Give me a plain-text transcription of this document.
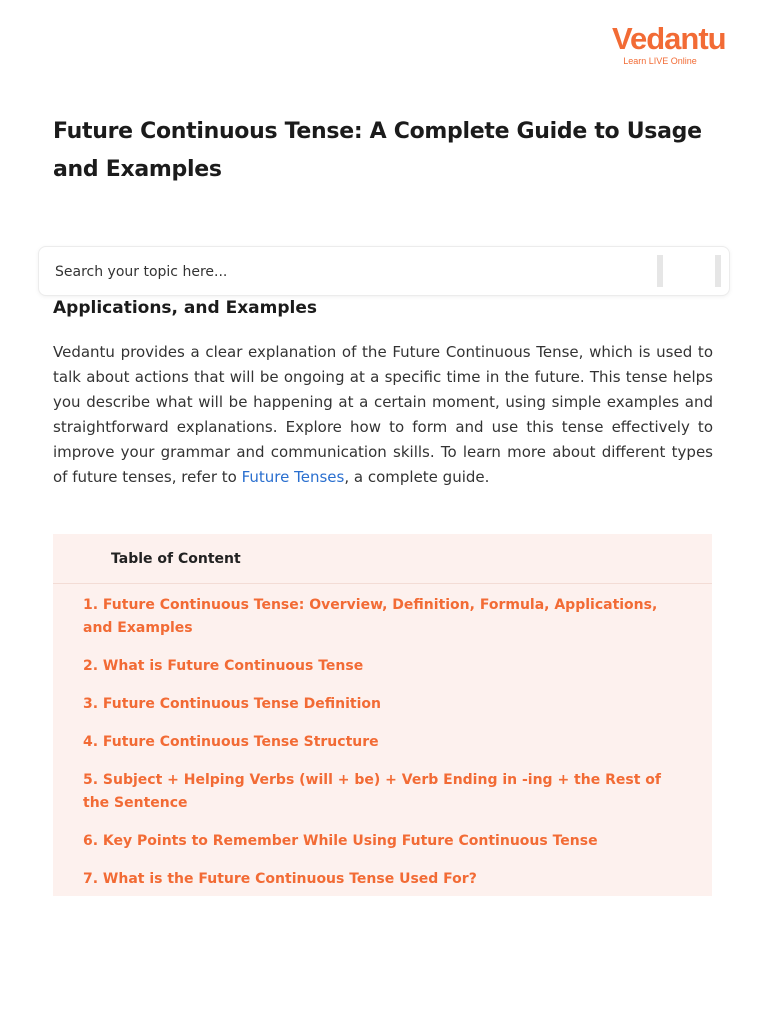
Vedantu
Learn LIVE Online
Future Continuous Tense: A Complete Guide to Usage and Examples
Search your topic here...
Applications, and Examples

Vedantu provides a clear explanation of the Future Continuous Tense, which is used to talk about actions that will be ongoing at a specific time in the future. This tense helps you describe what will be happening at a certain moment, using simple examples and straightforward explanations. Explore how to form and use this tense effectively to improve your grammar and communication skills. To learn more about different types of future tenses, refer to Future Tenses, a complete guide.

Table of Content
1. Future Continuous Tense: Overview, Definition, Formula, Applications, and Examples
2. What is Future Continuous Tense
3. Future Continuous Tense Definition
4. Future Continuous Tense Structure
5. Subject + Helping Verbs (will + be) + Verb Ending in -ing + the Rest of the Sentence
6. Key Points to Remember While Using Future Continuous Tense
7. What is the Future Continuous Tense Used For?
